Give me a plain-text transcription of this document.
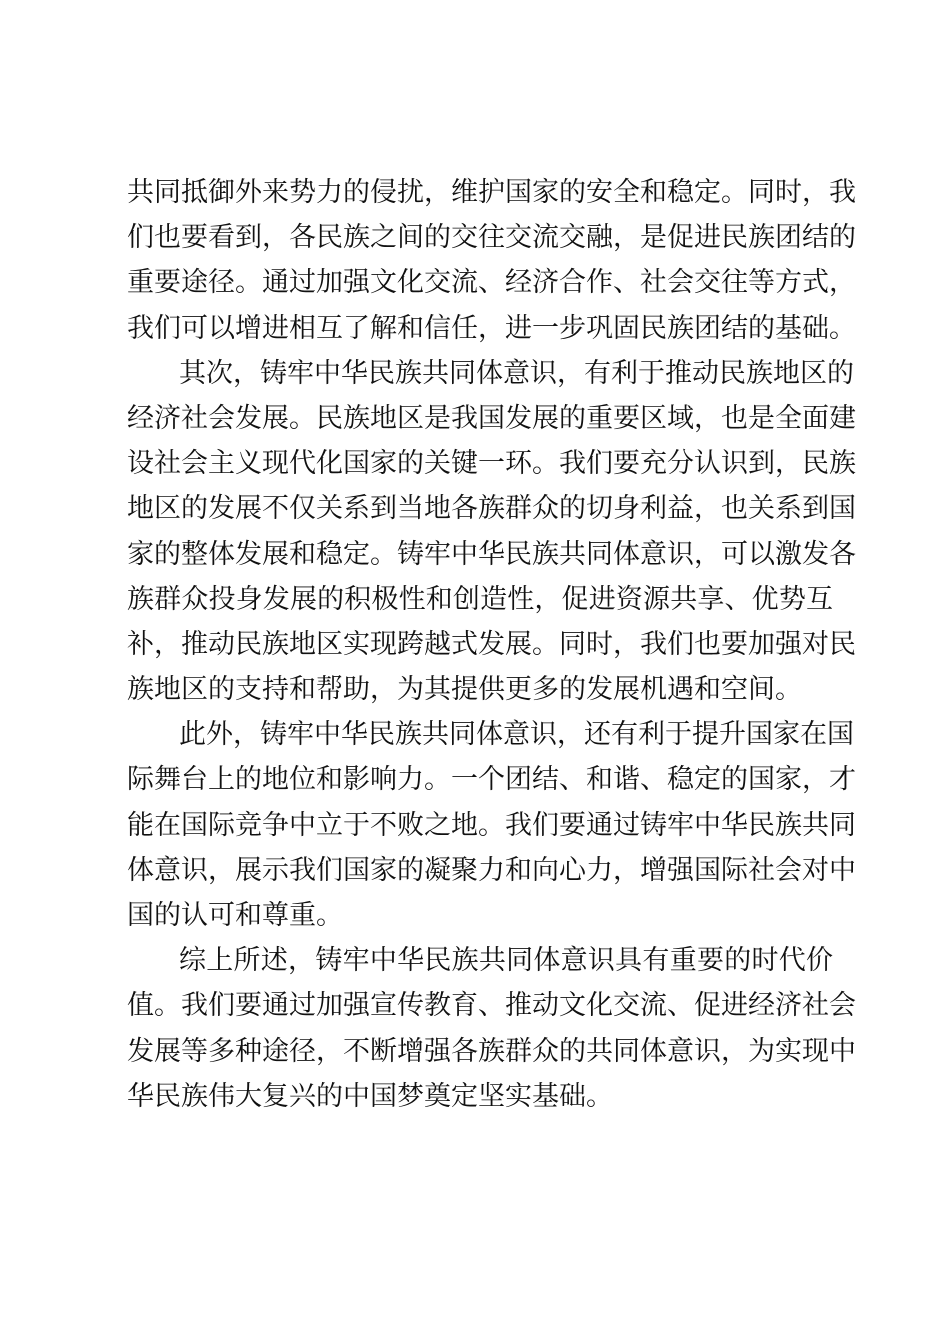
共同抵御外来势力的侵扰，维护国家的安全和稳定。同时，我
们也要看到，各民族之间的交往交流交融，是促进民族团结的
重要途径。通过加强文化交流、经济合作、社会交往等方式，
我们可以增进相互了解和信任，进一步巩固民族团结的基础。
其次，铸牢中华民族共同体意识，有利于推动民族地区的
经济社会发展。民族地区是我国发展的重要区域，也是全面建
设社会主义现代化国家的关键一环。我们要充分认识到，民族
地区的发展不仅关系到当地各族群众的切身利益，也关系到国
家的整体发展和稳定。铸牢中华民族共同体意识，可以激发各
族群众投身发展的积极性和创造性，促进资源共享、优势互
补，推动民族地区实现跨越式发展。同时，我们也要加强对民
族地区的支持和帮助，为其提供更多的发展机遇和空间。
此外，铸牢中华民族共同体意识，还有利于提升国家在国
际舞台上的地位和影响力。一个团结、和谐、稳定的国家，才
能在国际竞争中立于不败之地。我们要通过铸牢中华民族共同
体意识，展示我们国家的凝聚力和向心力，增强国际社会对中
国的认可和尊重。
综上所述，铸牢中华民族共同体意识具有重要的时代价
值。我们要通过加强宣传教育、推动文化交流、促进经济社会
发展等多种途径，不断增强各族群众的共同体意识，为实现中
华民族伟大复兴的中国梦奠定坚实基础。
